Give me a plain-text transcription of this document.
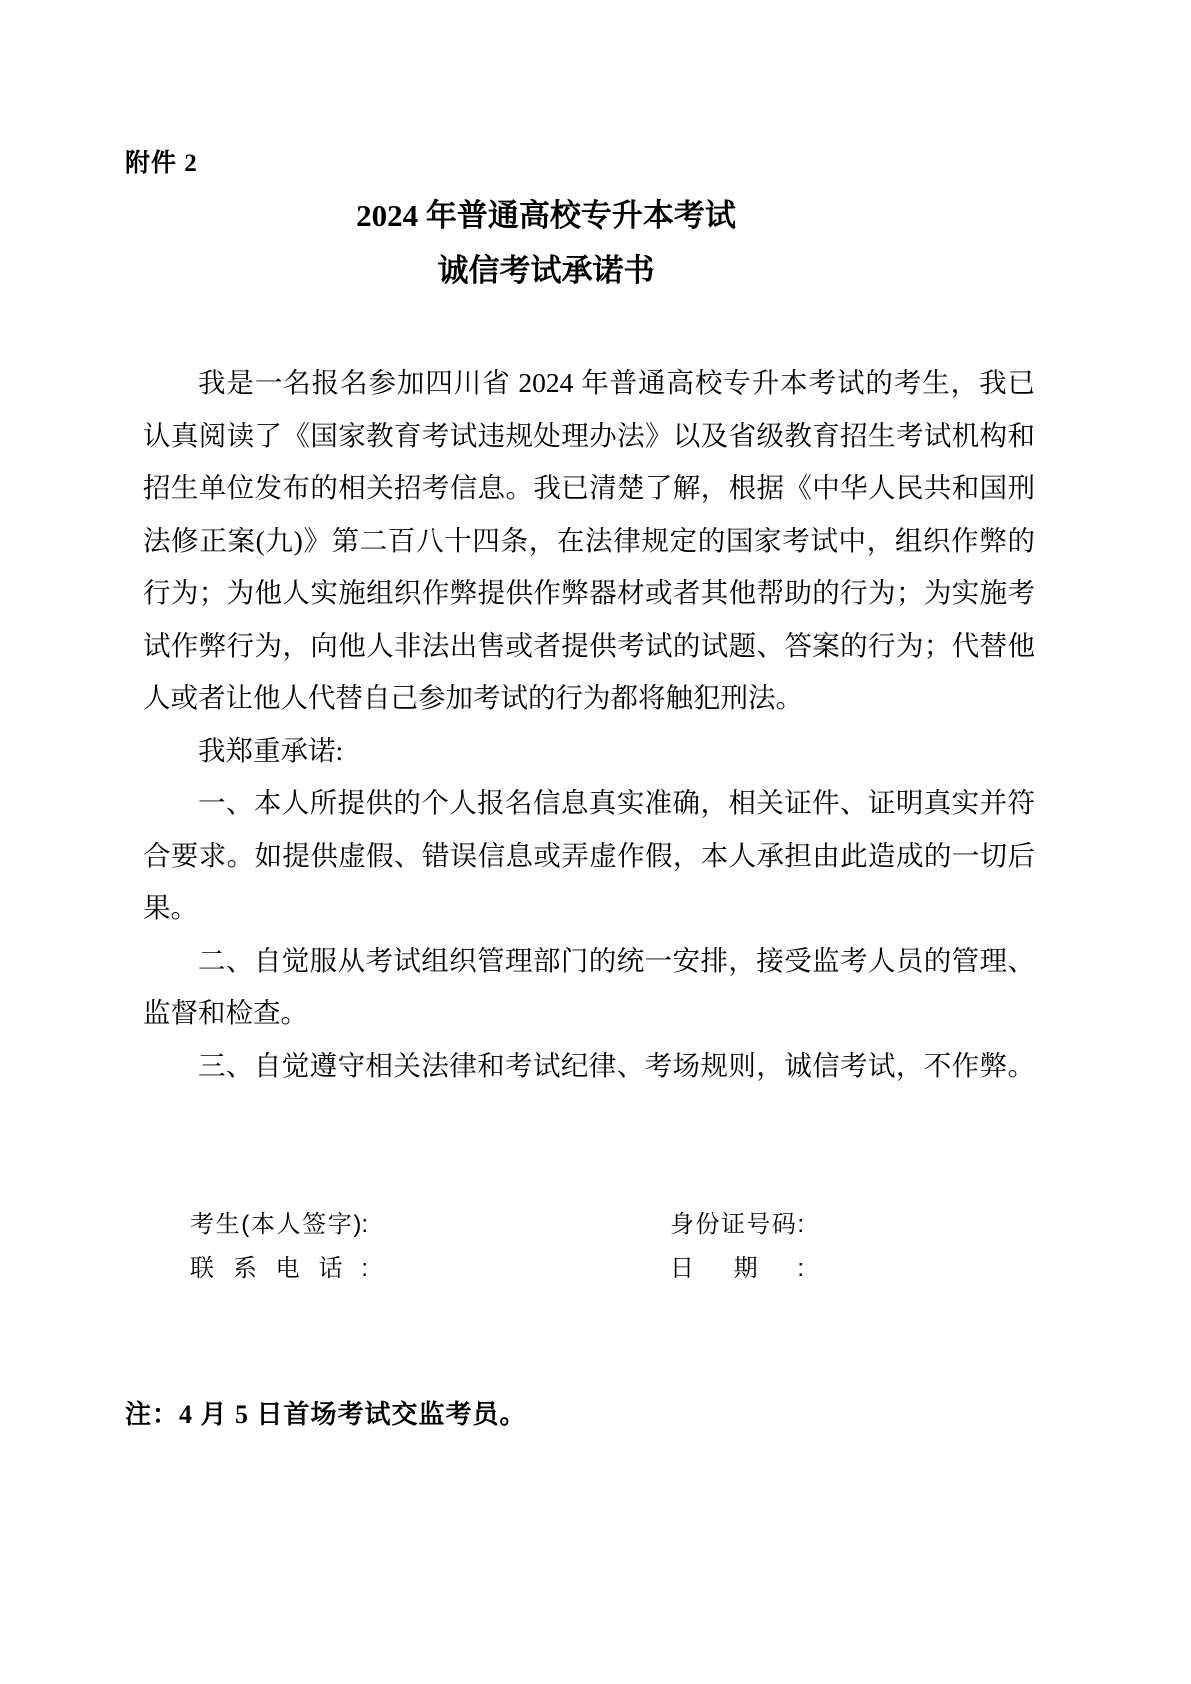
附件 2
2024 年普通高校专升本考试
诚信考试承诺书

我是一名报名参加四川省 2024 年普通高校专升本考试的考生，我已
认真阅读了《国家教育考试违规处理办法》以及省级教育招生考试机构和
招生单位发布的相关招考信息。我已清楚了解，根据《中华人民共和国刑
法修正案(九)》第二百八十四条，在法律规定的国家考试中，组织作弊的
行为；为他人实施组织作弊提供作弊器材或者其他帮助的行为；为实施考
试作弊行为，向他人非法出售或者提供考试的试题、答案的行为；代替他
人或者让他人代替自己参加考试的行为都将触犯刑法。

我郑重承诺:

一、本人所提供的个人报名信息真实准确，相关证件、证明真实并符
合要求。如提供虚假、错误信息或弄虚作假，本人承担由此造成的一切后
果。

二、自觉服从考试组织管理部门的统一安排，接受监考人员的管理、
监督和检查。

三、自觉遵守相关法律和考试纪律、考场规则，诚信考试，不作弊。

考生(本人签字):	身份证号码:
联系电话:	日期:
注：4 月 5 日首场考试交监考员。
